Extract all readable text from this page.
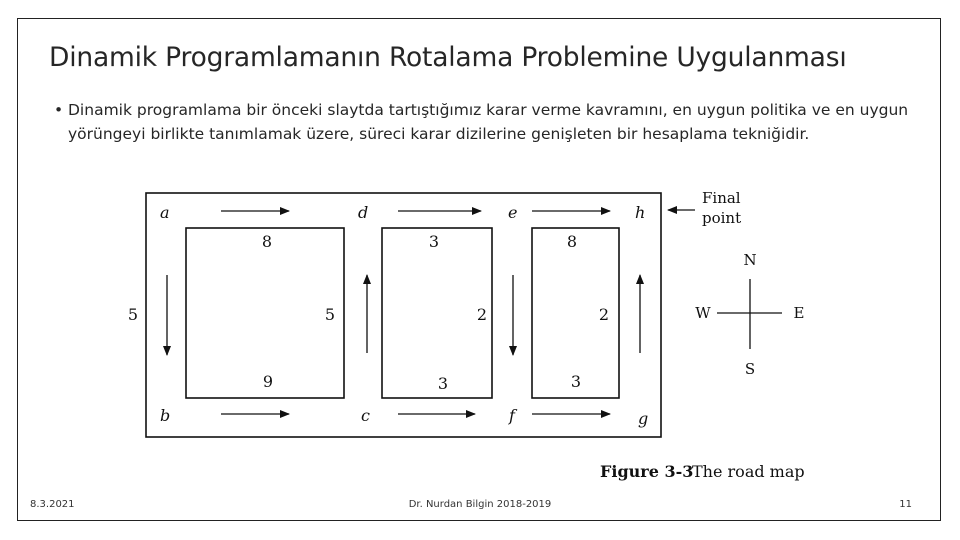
Dinamik Programlamanın Rotalama Problemine Uygulanması
• Dinamik programlama bir önceki slaytda tartıştığımız karar verme kavramını, en uygun politika ve en uygun yörüngeyi birlikte tanımlamak üzere, süreci karar dizilerine genişleten bir hesaplama tekniğidir.
a	d	e	h
b	c	f	g
8	3	8
5	5	2	2
9	3	3
Final
point
N
S
E
W
Figure 3-3
The road map
8.3.2021	Dr. Nurdan Bilgin 2018-2019	11
